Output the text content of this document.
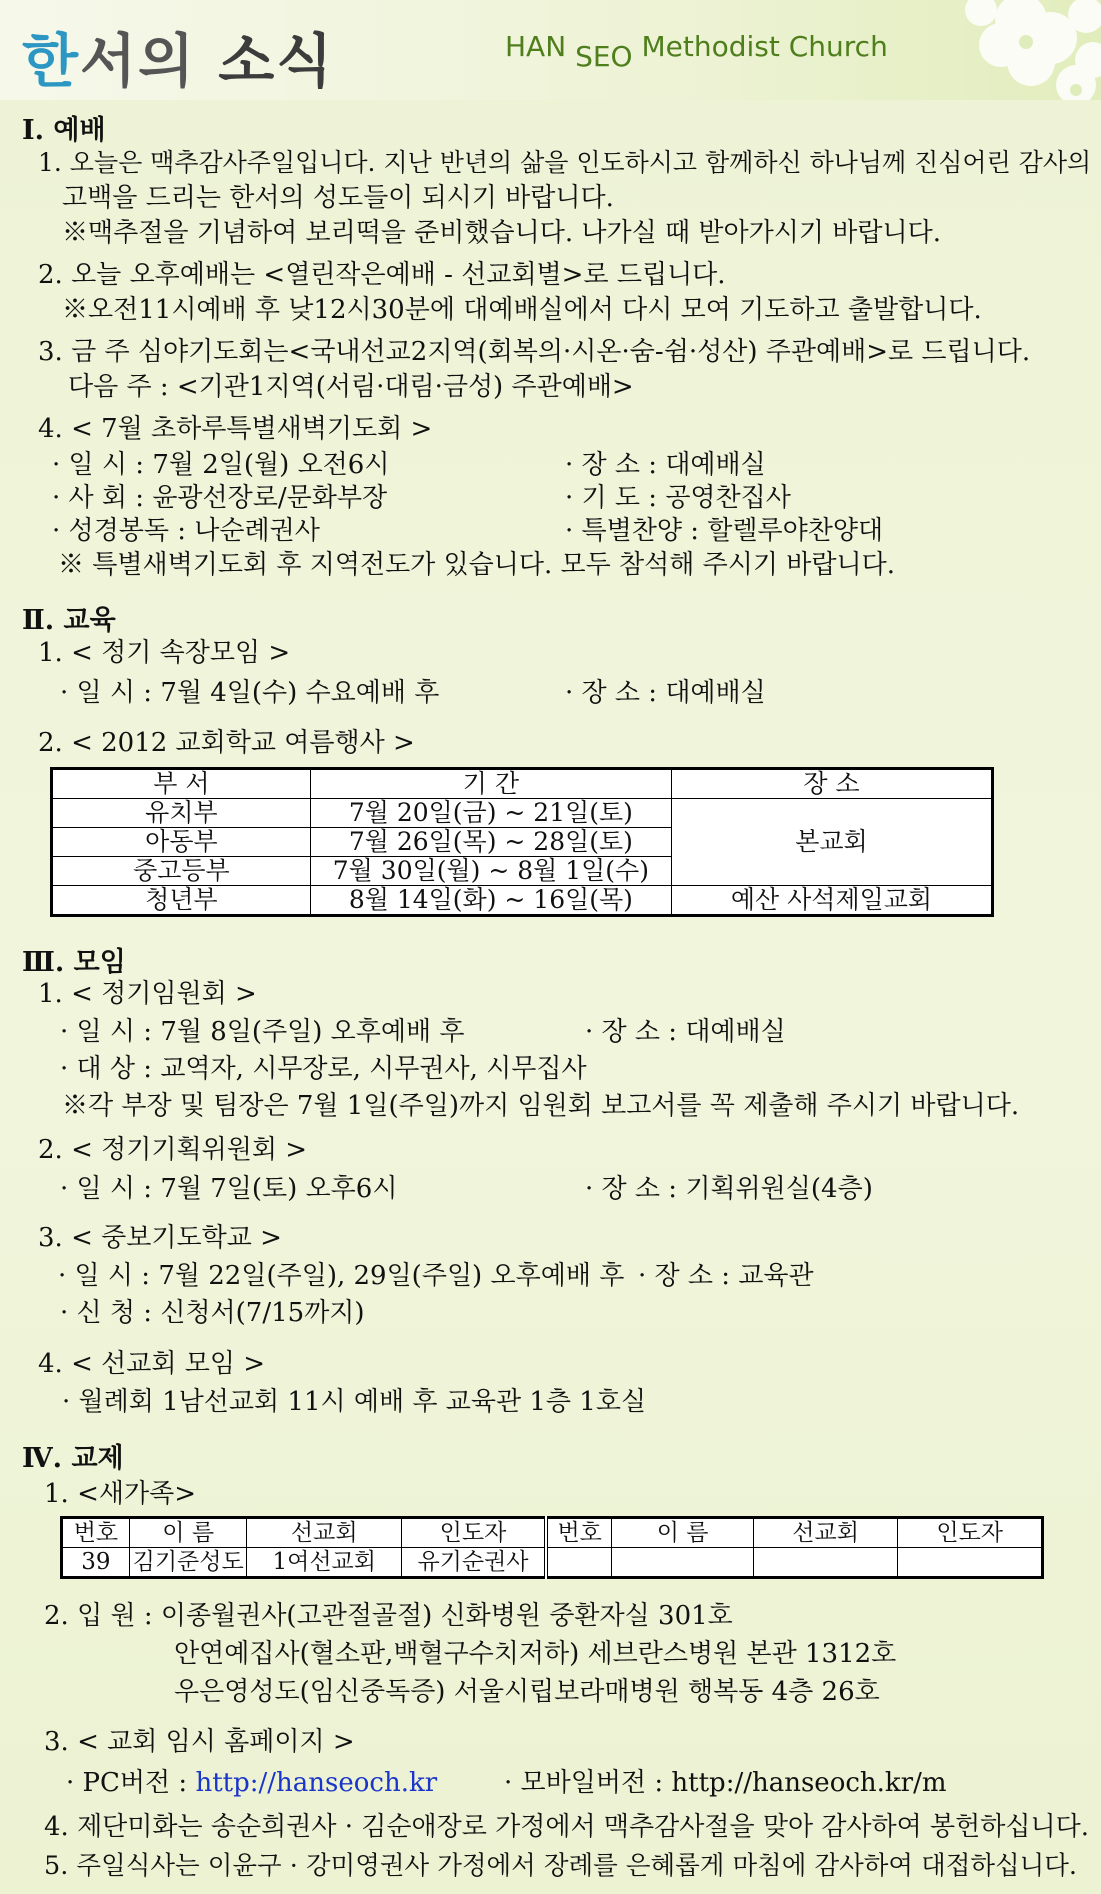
한서의 소식	HAN SEO Methodist Church
Ⅰ. 예배
1. 오늘은 맥추감사주일입니다. 지난 반년의 삶을 인도하시고 함께하신 하나님께 진심어린 감사의
고백을 드리는 한서의 성도들이 되시기 바랍니다.
※맥추절을 기념하여 보리떡을 준비했습니다. 나가실 때 받아가시기 바랍니다.
2. 오늘 오후예배는 <열린작은예배 - 선교회별>로 드립니다.
※오전11시예배 후 낮12시30분에 대예배실에서 다시 모여 기도하고 출발합니다.
3. 금 주 심야기도회는<국내선교2지역(회복의·시온·숨-쉼·성산) 주관예배>로 드립니다.
다음 주 : <기관1지역(서림·대림·금성) 주관예배>
4. < 7월 초하루특별새벽기도회 >
· 일 시 : 7월 2일(월) 오전6시	· 장 소 : 대예배실
· 사 회 : 윤광선장로/문화부장	· 기 도 : 공영찬집사
· 성경봉독 : 나순례권사	· 특별찬양 : 할렐루야찬양대
※ 특별새벽기도회 후 지역전도가 있습니다. 모두 참석해 주시기 바랍니다.
Ⅱ. 교육
1. < 정기 속장모임 >
· 일 시 : 7월 4일(수) 수요예배 후	· 장 소 : 대예배실
2. < 2012 교회학교 여름행사 >
부 서	기 간	장 소
유치부	7월 20일(금) ~ 21일(토)	본교회
아동부	7월 26일(목) ~ 28일(토)	
중고등부	7월 30일(월) ~ 8월 1일(수)	
청년부	8월 14일(화) ~ 16일(목)	예산 사석제일교회
Ⅲ. 모임
1. < 정기임원회 >
· 일 시 : 7월 8일(주일) 오후예배 후	· 장 소 : 대예배실
· 대 상 : 교역자, 시무장로, 시무권사, 시무집사
※각 부장 및 팀장은 7월 1일(주일)까지 임원회 보고서를 꼭 제출해 주시기 바랍니다.
2. < 정기기획위원회 >
· 일 시 : 7월 7일(토) 오후6시	· 장 소 : 기획위원실(4층)
3. < 중보기도학교 >
· 일 시 : 7월 22일(주일), 29일(주일) 오후예배 후 · 장 소 : 교육관
· 신 청 : 신청서(7/15까지)
4. < 선교회 모임 >
· 월례회 1남선교회 11시 예배 후 교육관 1층 1호실
Ⅳ. 교제
1. <새가족>
번호	이 름	선교회	인도자	번호	이 름	선교회	인도자
39	김기준성도	1여선교회	유기순권사				
2. 입 원 : 이종월권사(고관절골절) 신화병원 중환자실 301호
안연예집사(혈소판,백혈구수치저하) 세브란스병원 본관 1312호
우은영성도(임신중독증) 서울시립보라매병원 행복동 4층 26호
3. < 교회 임시 홈페이지 >
· PC버전 : http://hanseoch.kr	· 모바일버전 : http://hanseoch.kr/m
4. 제단미화는 송순희권사 · 김순애장로 가정에서 맥추감사절을 맞아 감사하여 봉헌하십니다.
5. 주일식사는 이윤구 · 강미영권사 가정에서 장례를 은혜롭게 마침에 감사하여 대접하십니다.
